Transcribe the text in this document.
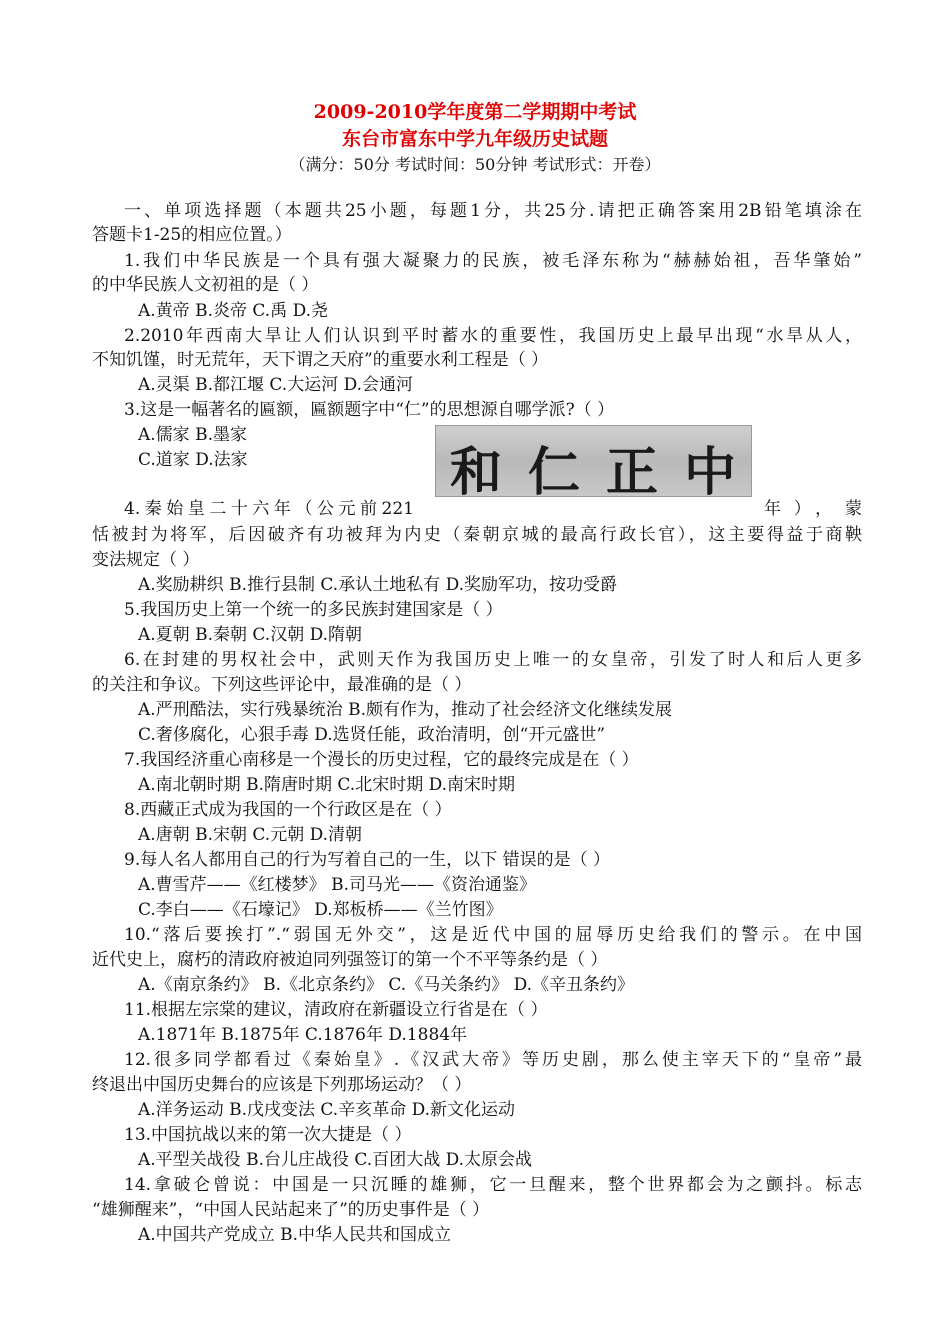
2009-2010学年度第二学期期中考试
东台市富东中学九年级历史试题
（满分：50分 考试时间：50分钟 考试形式：开卷）
一、单项选择题（本题共25小题，每题1分，共25分.请把正确答案用2B铅笔填涂在
答题卡1-25的相应位置。）
1.我们中华民族是一个具有强大凝聚力的民族，被毛泽东称为“赫赫始祖，吾华肇始”
的中华民族人文初祖的是（ ）
A.黄帝 B.炎帝 C.禹 D.尧
2.2010年西南大旱让人们认识到平时蓄水的重要性，我国历史上最早出现“水旱从人，
不知饥馑，时无荒年，天下谓之天府”的重要水利工程是（ ）
A.灵渠 B.都江堰 C.大运河 D.会通河
3.这是一幅著名的匾额，匾额题字中“仁”的思想源自哪学派?（ ）
A.儒家 B.墨家
C.道家 D.法家	和 仁 正 中
4.秦始皇二十六年（公元前221	年），蒙
恬被封为将军，后因破齐有功被拜为内史（秦朝京城的最高行政长官），这主要得益于商鞅
变法规定（ ）
A.奖励耕织 B.推行县制 C.承认土地私有 D.奖励军功，按功受爵
5.我国历史上第一个统一的多民族封建国家是（ ）
A.夏朝 B.秦朝 C.汉朝 D.隋朝
6.在封建的男权社会中，武则天作为我国历史上唯一的女皇帝，引发了时人和后人更多
的关注和争议。下列这些评论中，最准确的是（ ）
A.严刑酷法，实行残暴统治 B.颇有作为，推动了社会经济文化继续发展
C.奢侈腐化，心狠手毒 D.选贤任能，政治清明，创“开元盛世”
7.我国经济重心南移是一个漫长的历史过程，它的最终完成是在（ ）
A.南北朝时期 B.隋唐时期 C.北宋时期 D.南宋时期
8.西藏正式成为我国的一个行政区是在（ ）
A.唐朝 B.宋朝 C.元朝 D.清朝
9.每人名人都用自己的行为写着自己的一生，以下 错误的是（ ）
A.曹雪芹——《红楼梦》 B.司马光——《资治通鉴》
C.李白——《石壕记》 D.郑板桥——《兰竹图》
10.“落后要挨打”.“弱国无外交”，这是近代中国的屈辱历史给我们的警示。在中国
近代史上，腐朽的清政府被迫同列强签订的第一个不平等条约是（ ）
A.《南京条约》 B.《北京条约》 C.《马关条约》 D.《辛丑条约》
11.根据左宗棠的建议，清政府在新疆设立行省是在（ ）
A.1871年 B.1875年 C.1876年 D.1884年
12.很多同学都看过《秦始皇》.《汉武大帝》等历史剧，那么使主宰天下的“皇帝”最
终退出中国历史舞台的应该是下列那场运动？（ ）
A.洋务运动 B.戊戌变法 C.辛亥革命 D.新文化运动
13.中国抗战以来的第一次大捷是（ ）
A.平型关战役 B.台儿庄战役 C.百团大战 D.太原会战
14.拿破仑曾说：中国是一只沉睡的雄狮，它一旦醒来，整个世界都会为之颤抖。标志
“雄狮醒来”，“中国人民站起来了”的历史事件是（ ）
A.中国共产党成立 B.中华人民共和国成立
